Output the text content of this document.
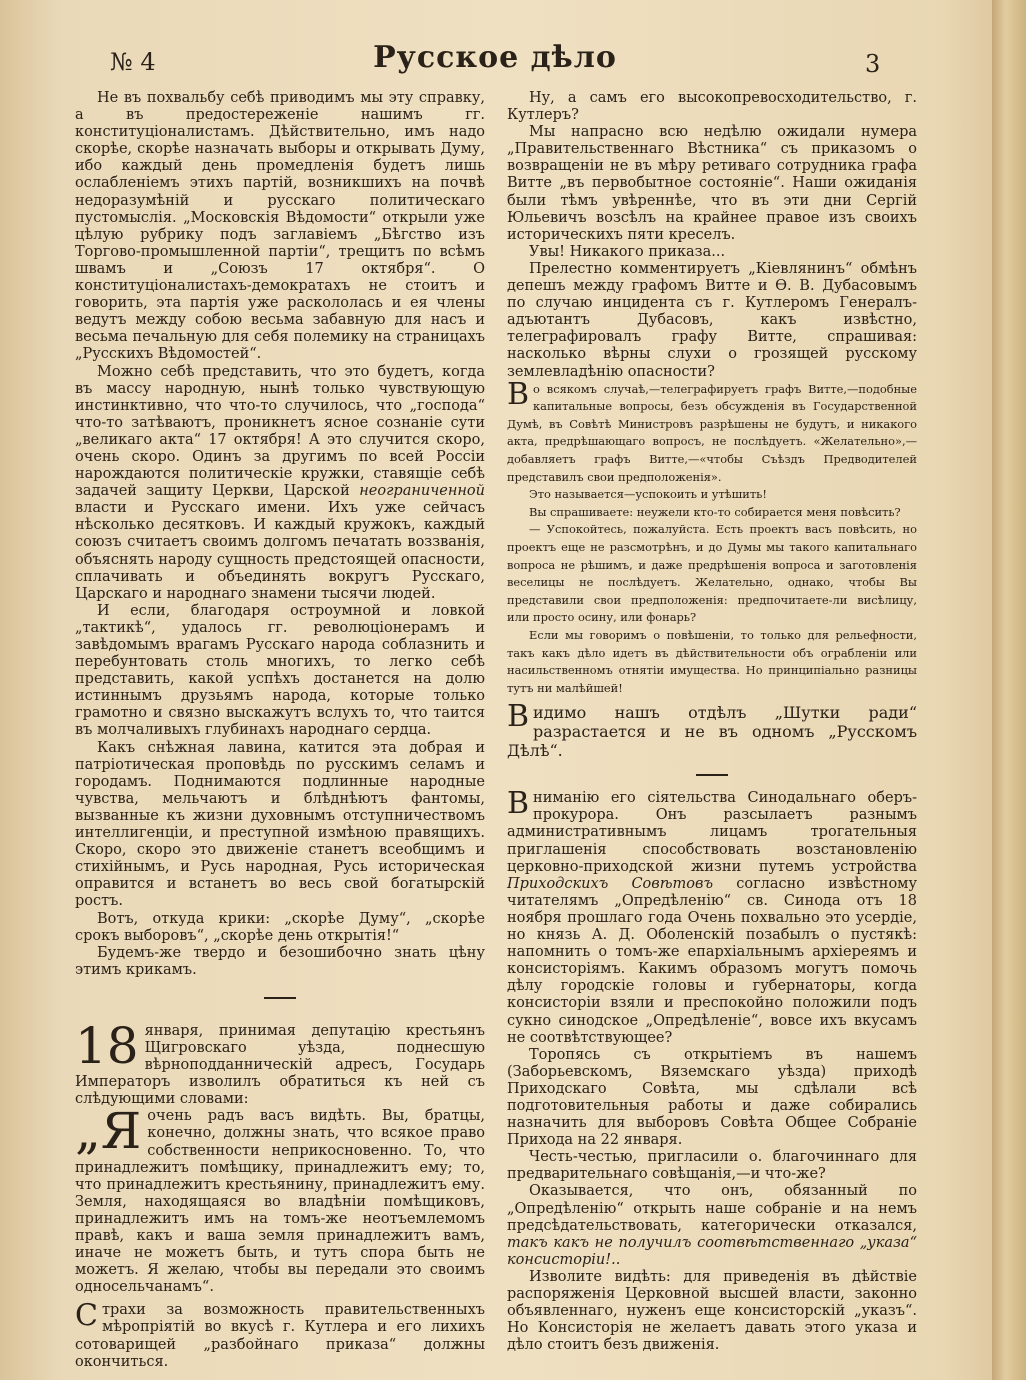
№ 4	Русское дѣло	3

Не въ похвальбу себѣ приводимъ мы эту справку, а въ предостереженіе нашимъ гг. конституціоналистамъ. Дѣйствительно, имъ надо скорѣе, скорѣе назначать выборы и открывать Думу, ибо каждый день промедленія будетъ лишь ослабленіемъ этихъ партій, возникшихъ на почвѣ недоразумѣній и русскаго политическаго пустомыслія. „Московскія Вѣдомости“ открыли уже цѣлую рубрику подъ заглавіемъ „Бѣгство изъ Торгово-промышленной партіи“, трещитъ по всѣмъ швамъ и „Союзъ 17 октября“. О конституціоналистахъ-демократахъ не стоитъ и говорить, эта партія уже раскололась и ея члены ведутъ между собою весьма забавную для насъ и весьма печальную для себя полемику на страницахъ „Русскихъ Вѣдомостей“.

Можно себѣ представить, что это будетъ, когда въ массу народную, нынѣ только чувствующую инстинктивно, что что-то случилось, что „господа“ что-то затѣваютъ, проникнетъ ясное сознаніе сути „великаго акта“ 17 октября! А это случится скоро, очень скоро. Одинъ за другимъ по всей Россіи нарождаются политическіе кружки, ставящіе себѣ задачей защиту Церкви, Царской неограниченной власти и Русскаго имени. Ихъ уже сейчасъ нѣсколько десятковъ. И каждый кружокъ, каждый союзъ считаетъ своимъ долгомъ печатать воззванія, объяснять народу сущность предстоящей опасности, сплачивать и объединять вокругъ Русскаго, Царскаго и народнаго знамени тысячи людей.

И если, благодаря остроумной и ловкой „тактикѣ“, удалось гг. революціонерамъ и завѣдомымъ врагамъ Русскаго народа соблазнить и перебунтовать столь многихъ, то легко себѣ представить, какой успѣхъ достанется на долю истиннымъ друзьямъ народа, которые только грамотно и связно выскажутъ вслухъ то, что таится въ молчаливыхъ глубинахъ народнаго сердца.

Какъ снѣжная лавина, катится эта добрая и патріотическая проповѣдь по русскимъ селамъ и городамъ. Поднимаются подлинные народные чувства, мельчаютъ и блѣднѣютъ фантомы, вызванные къ жизни духовнымъ отступничествомъ интеллигенціи, и преступной измѣною правящихъ. Скоро, скоро это движеніе станетъ всеобщимъ и стихійнымъ, и Русь народная, Русь историческая оправится и встанетъ во весь свой богатырскій ростъ.

Вотъ, откуда крики: „скорѣе Думу“, „скорѣе срокъ выборовъ“, „скорѣе день открытія!“

Будемъ-же твердо и безошибочно знать цѣну этимъ крикамъ.

18 января, принимая депутацію крестьянъ Щигровскаго уѣзда, поднесшую вѣрноподданническій адресъ, Государь Императоръ изволилъ обратиться къ ней съ слѣдующими словами:

„Я очень радъ васъ видѣть. Вы, братцы, конечно, должны знать, что всякое право собственности неприкосновенно. То, что принадлежитъ помѣщику, принадлежитъ ему; то, что принадлежитъ крестьянину, принадлежитъ ему. Земля, находящаяся во владѣніи помѣщиковъ, принадлежитъ имъ на томъ-же неотъемлемомъ правѣ, какъ и ваша земля принадлежитъ вамъ, иначе не можетъ быть, и тутъ спора быть не можетъ. Я желаю, чтобы вы передали это своимъ односельчанамъ“.

Страхи за возможность правительственныхъ мѣропріятій во вкусѣ г. Кутлера и его лихихъ сотоварищей „разбойнаго приказа“ должны окончиться.

Ну, а самъ его высокопревосходительство, г. Кутлеръ?

Мы напрасно всю недѣлю ожидали нумера „Правительственнаго Вѣстника“ съ приказомъ о возвращеніи не въ мѣру ретиваго сотрудника графа Витте „въ первобытное состояніе“. Наши ожиданія были тѣмъ увѣреннѣе, что въ эти дни Сергій Юльевичъ возсѣлъ на крайнее правое изъ своихъ историческихъ пяти креселъ.

Увы! Никакого приказа...

Прелестно комментируетъ „Кіевлянинъ“ обмѣнъ депешъ между графомъ Витте и Ѳ. В. Дубасовымъ по случаю инцидента съ г. Кутлеромъ Генералъ-адъютантъ Дубасовъ, какъ извѣстно, телеграфировалъ графу Витте, спрашивая: насколько вѣрны слухи о грозящей русскому землевладѣнію опасности?

Во всякомъ случаѣ,—телеграфируетъ графъ Витте,—подобные капитальные вопросы, безъ обсужденія въ Государственной Думѣ, въ Совѣтѣ Министровъ разрѣшены не будутъ, и никакого акта, предрѣшающаго вопросъ, не послѣдуетъ. «Желательно»,—добавляетъ графъ Витте,—«чтобы Съѣздъ Предводителей представилъ свои предположенія».

Это называется—успокоить и утѣшить!

Вы спрашиваете: неужели кто-то собирается меня повѣсить?

— Успокойтесь, пожалуйста. Есть проектъ васъ повѣсить, но проектъ еще не разсмотрѣнъ, и до Думы мы такого капитальнаго вопроса не рѣшимъ, и даже предрѣшенія вопроса и заготовленія веселицы не послѣдуетъ. Желательно, однако, чтобы Вы представили свои предположенія: предпочитаете-ли висѣлицу, или просто осину, или фонарь?

Если мы говоримъ о повѣшеніи, то только для рельефности, такъ какъ дѣло идетъ въ дѣйствительности объ ограбленіи или насильственномъ отнятіи имущества. Но принципіально разницы тутъ ни малѣйшей!

Видимо нашъ отдѣлъ „Шутки ради“ разрастается и не въ одномъ „Русскомъ Дѣлѣ“.

Вниманію его сіятельства Синодальнаго оберъ-прокурора. Онъ разсылаетъ разнымъ административнымъ лицамъ трогательныя приглашенія способствовать возстановленію церковно-приходской жизни путемъ устройства Приходскихъ Совѣтовъ согласно извѣстному читателямъ „Опредѣленію“ св. Синода отъ 18 ноября прошлаго года Очень похвально это усердіе, но князь А. Д. Оболенскій позабылъ о пустякѣ: напомнить о томъ-же епархіальнымъ архіереямъ и консисторіямъ. Какимъ образомъ могутъ помочь дѣлу городскіе головы и губернаторы, когда консисторіи взяли и преспокойно положили подъ сукно синодское „Опредѣленіе“, вовсе ихъ вкусамъ не соотвѣтствующее?

Торопясь съ открытіемъ въ нашемъ (Заборьевскомъ, Вяземскаго уѣзда) приходѣ Приходскаго Совѣта, мы сдѣлали всѣ подготовительныя работы и даже собирались назначить для выборовъ Совѣта Общее Собраніе Прихода на 22 января.

Честь-честью, пригласили о. благочиннаго для предварительнаго совѣщанія,—и что-же?

Оказывается, что онъ, обязанный по „Опредѣленію“ открыть наше собраніе и на немъ предсѣдательствовать, категорически отказался, такъ какъ не получилъ соотвѣтственнаго „указа“ консисторіи!..

Изволите видѣть: для приведенія въ дѣйствіе распоряженія Церковной высшей власти, законно объявленнаго, нуженъ еще консисторскій „указъ“. Но Консисторія не желаетъ давать этого указа и дѣло стоитъ безъ движенія.
